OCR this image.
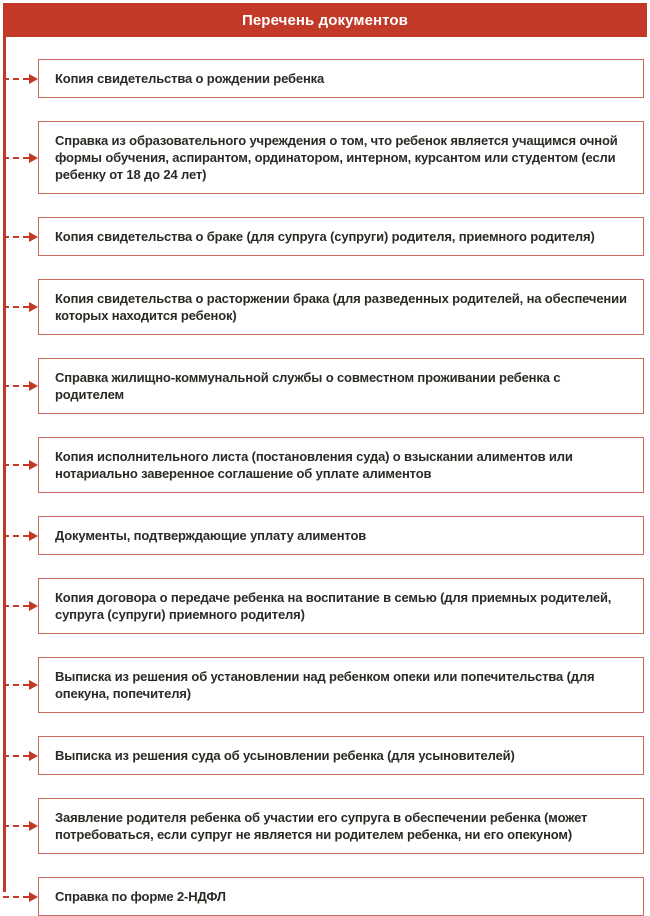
Перечень документов
Копия свидетельства о рождении ребенка
Справка из образовательного учреждения о том, что ребенок является учащимся очной формы обучения, аспирантом, ординатором, интерном, курсантом или студентом (если ребенку от 18 до 24 лет)
Копия свидетельства о браке (для супруга (супруги) родителя, приемного родителя)
Копия свидетельства о расторжении брака (для разведенных родителей, на обеспечении которых находится ребенок)
Справка жилищно-коммунальной службы о совместном проживании ребенка с родителем
Копия исполнительного листа (постановления суда) о взыскании алиментов или нотариально заверенное соглашение об уплате алиментов
Документы, подтверждающие уплату алиментов
Копия договора о передаче ребенка на воспитание в семью (для приемных родителей, супруга (супруги) приемного родителя)
Выписка из решения об установлении над ребенком опеки или попечительства (для опекуна, попечителя)
Выписка из решения суда об усыновлении ребенка (для усыновителей)
Заявление родителя ребенка об участии его супруга в обеспечении ребенка (может потребоваться, если супруг не является ни родителем ребенка, ни его опекуном)
Справка по форме 2-НДФЛ
